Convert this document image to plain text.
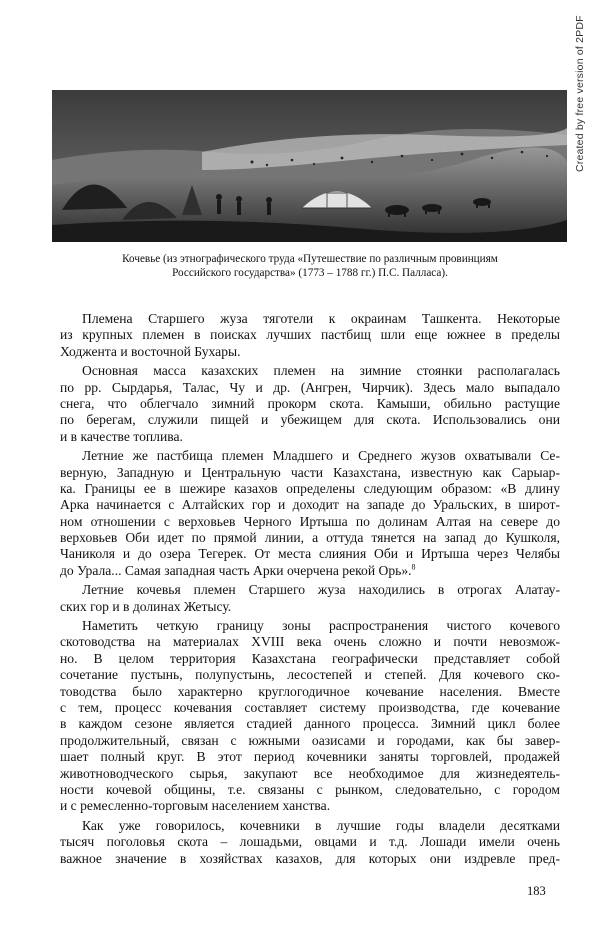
Кочевье (из этнографического труда «Путешествие по различным провинциям
Российского государства» (1773 – 1788 гг.) П.С. Палласа).
Created by free version of 2PDF
Племена Старшего жуза тяготели к окраинам Ташкента. Некоторые
из крупных племен в поисках лучших пастбищ шли еще южнее в пределы
Ходжента и восточной Бухары.
Основная масса казахских племен на зимние стоянки располагалась
по рр. Сырдарья, Талас, Чу и др. (Ангрен, Чирчик). Здесь мало выпадало
снега, что облегчало зимний прокорм скота. Камыши, обильно растущие
по берегам, служили пищей и убежищем для скота. Использовались они
и в качестве топлива.
Летние же пастбища племен Младшего и Среднего жузов охватывали Се-
верную, Западную и Центральную части Казахстана, известную как Сарыар-
ка. Границы ее в шежире казахов определены следующим образом: «В длину
Арка начинается с Алтайских гор и доходит на западе до Уральских, в широт-
ном отношении с верховьев Черного Иртыша по долинам Алтая на севере до
верховьев Оби идет по прямой линии, а оттуда тянется на запад до Кушколя,
Чаниколя и до озера Тегерек. От места слияния Оби и Иртыша через Челябы
до Урала... Самая западная часть Арки очерчена рекой Орь».$^8$
Летние кочевья племен Старшего жуза находились в отрогах Алатау-
ских гор и в долинах Жетысу.
Наметить четкую границу зоны распространения чистого кочевого
скотоводства на материалах XVIII века очень сложно и почти невозмож-
но. В целом территория Казахстана географически представляет собой
сочетание пустынь, полупустынь, лесостепей и степей. Для кочевого ско-
товодства было характерно круглогодичное кочевание населения. Вместе
с тем, процесс кочевания составляет систему производства, где кочевание
в каждом сезоне является стадией данного процесса. Зимний цикл более
продолжительный, связан с южными оазисами и городами, как бы завер-
шает полный круг. В этот период кочевники заняты торговлей, продажей
животноводческого сырья, закупают все необходимое для жизнедеятель-
ности кочевой общины, т.е. связаны с рынком, следовательно, с городом
и с ремесленно-торговым населением ханства.
Как уже говорилось, кочевники в лучшие годы владели десятками
тысяч поголовья скота – лошадьми, овцами и т.д. Лошади имели очень
важное значение в хозяйствах казахов, для которых они издревле пред-
183
